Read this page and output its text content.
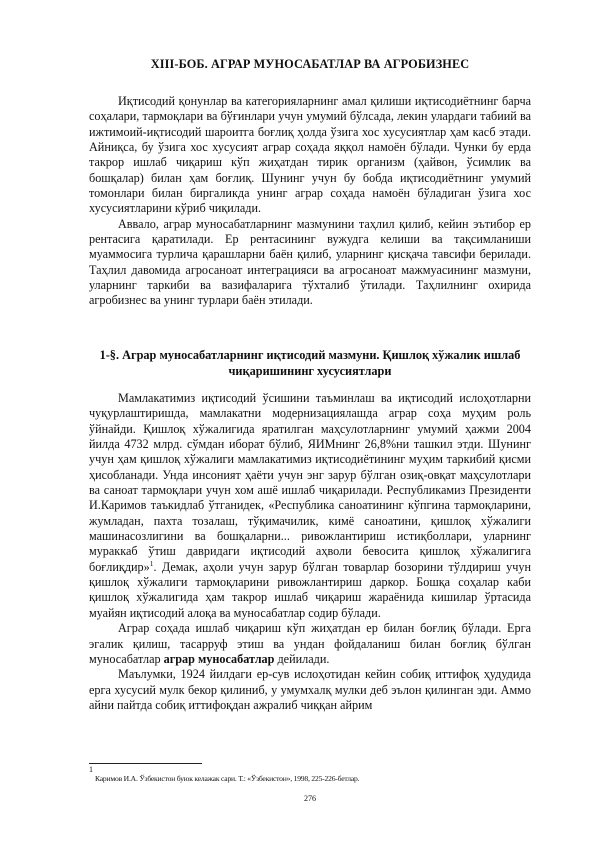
XIII-БОБ. АГРАР МУНОСАБАТЛАР ВА АГРОБИЗНЕС

Иқтисодий қонунлар ва категорияларнинг амал қилиши иқтисодиётнинг барча соҳалари, тармоқлари ва бўғинлари учун умумий бўлсада, лекин улардаги табиий ва ижтимоий-иқтисодий шароитга боғлиқ ҳолда ўзига хос хусусиятлар ҳам касб этади. Айниқса, бу ўзига хос хусусият аграр соҳада яққол намоён бўлади. Чунки бу ерда такрор ишлаб чиқариш кўп жиҳатдан тирик организм (ҳайвон, ўсимлик ва бошқалар) билан ҳам боғлиқ. Шунинг учун бу бобда иқтисодиётнинг умумий томонлари билан биргаликда унинг аграр соҳада намоён бўладиган ўзига хос хусусиятларини кўриб чиқилади.

Аввало, аграр муносабатларнинг мазмунини таҳлил қилиб, кейин эътибор ер рентасига қаратилади. Ер рентасининг вужудга келиши ва тақсимланиши муаммосига турлича қарашларни баён қилиб, уларнинг қисқача тавсифи берилади. Таҳлил давомида агросаноат интеграцияси ва агросаноат мажмуасининг мазмуни, уларнинг таркиби ва вазифаларига тўхталиб ўтилади. Таҳлилнинг охирида агробизнес ва унинг турлари баён этилади.

1-§. Аграр муносабатларнинг иқтисодий мазмуни. Қишлоқ хўжалик ишлаб чиқаришининг хусусиятлари

Мамлакатимиз иқтисодий ўсишини таъминлаш ва иқтисодий ислоҳотларни чуқурлаштиришда, мамлакатни модернизациялашда аграр соҳа муҳим роль ўйнайди. Қишлоқ хўжалигида яратилган маҳсулотларнинг умумий ҳажми 2004 йилда 4732 млрд. сўмдан иборат бўлиб, ЯИМнинг 26,8%ни ташкил этди. Шунинг учун ҳам қишлоқ хўжалиги мамлакатимиз иқтисодиётининг муҳим таркибий қисми ҳисобланади. Унда инсоният ҳаёти учун энг зарур бўлган озиқ-овқат маҳсулотлари ва саноат тармоқлари учун хом ашё ишлаб чиқарилади. Республикамиз Президенти И.Каримов таъкидлаб ўтганидек, «Республика саноатининг кўпгина тармоқларини, жумладан, пахта тозалаш, тўқимачилик, кимё саноатини, қишлоқ хўжалиги машинасозлигини ва бошқаларни... ривожлантириш истиқболлари, уларнинг мураккаб ўтиш давридаги иқтисодий аҳволи бевосита қишлоқ хўжалигига боғлиқдир»$^1$. Демак, аҳоли учун зарур бўлган товарлар бозорини тўлдириш учун қишлоқ хўжалиги тармоқларини ривожлантириш даркор. Бошқа соҳалар каби қишлоқ хўжалигида ҳам такрор ишлаб чиқариш жараёнида кишилар ўртасида муайян иқтисодий алоқа ва муносабатлар содир бўлади.

Аграр соҳада ишлаб чиқариш кўп жиҳатдан ер билан боғлиқ бўлади. Ерга эгалик қилиш, тасарруф этиш ва ундан фойдаланиш билан боғлиқ бўлган муносабатлар аграр муносабатлар дейилади.

Маълумки, 1924 йилдаги ер-сув ислоҳотидан кейин собиқ иттифоқ ҳудудида ерга хусусий мулк бекор қилиниб, у умумхалқ мулки деб эълон қилинган эди. Аммо айни пайтда собиқ иттифоқдан ажралиб чиққан айрим

1
Каримов И.А. Ўзбекистон буюк келажак сари. Т.: «Ўзбекистон», 1998, 225-226-бетлар.
276
